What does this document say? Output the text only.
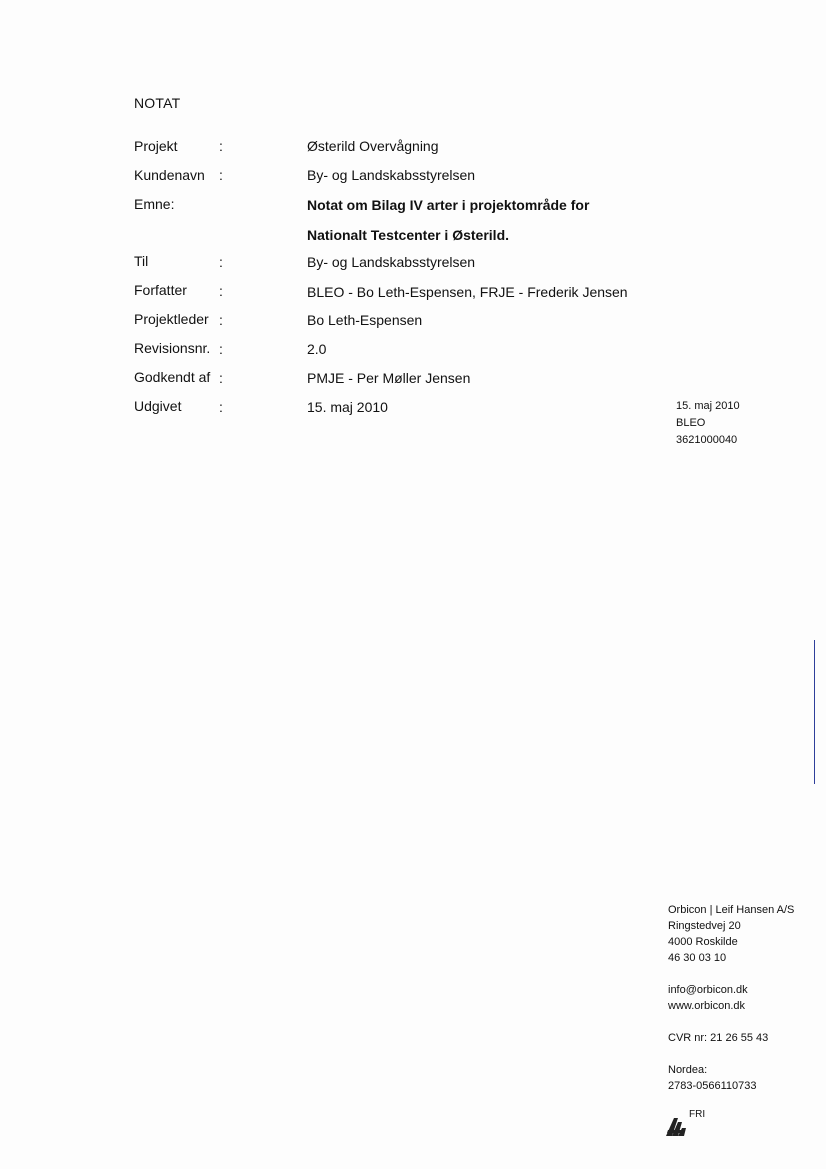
NOTAT
Projekt	:	Østerild Overvågning
Kundenavn :	By- og Landskabsstyrelsen
Emne:	Notat om Bilag IV arter i projektområde for
Nationalt Testcenter i Østerild.
Til	:	By- og Landskabsstyrelsen
Forfatter :	BLEO - Bo Leth-Espensen, FRJE - Frederik Jensen
Projektleder :	Bo Leth-Espensen
Revisionsnr. :	2.0
Godkendt af :	PMJE - Per Møller Jensen
Udgivet	:	15. maj 2010	15. maj 2010
BLEO
3621000040
Orbicon | Leif Hansen A/S
Ringstedvej 20
4000 Roskilde
46 30 03 10
info@orbicon.dk
www.orbicon.dk
CVR nr: 21 26 55 43
Nordea:
2783-0566110733
FRI
